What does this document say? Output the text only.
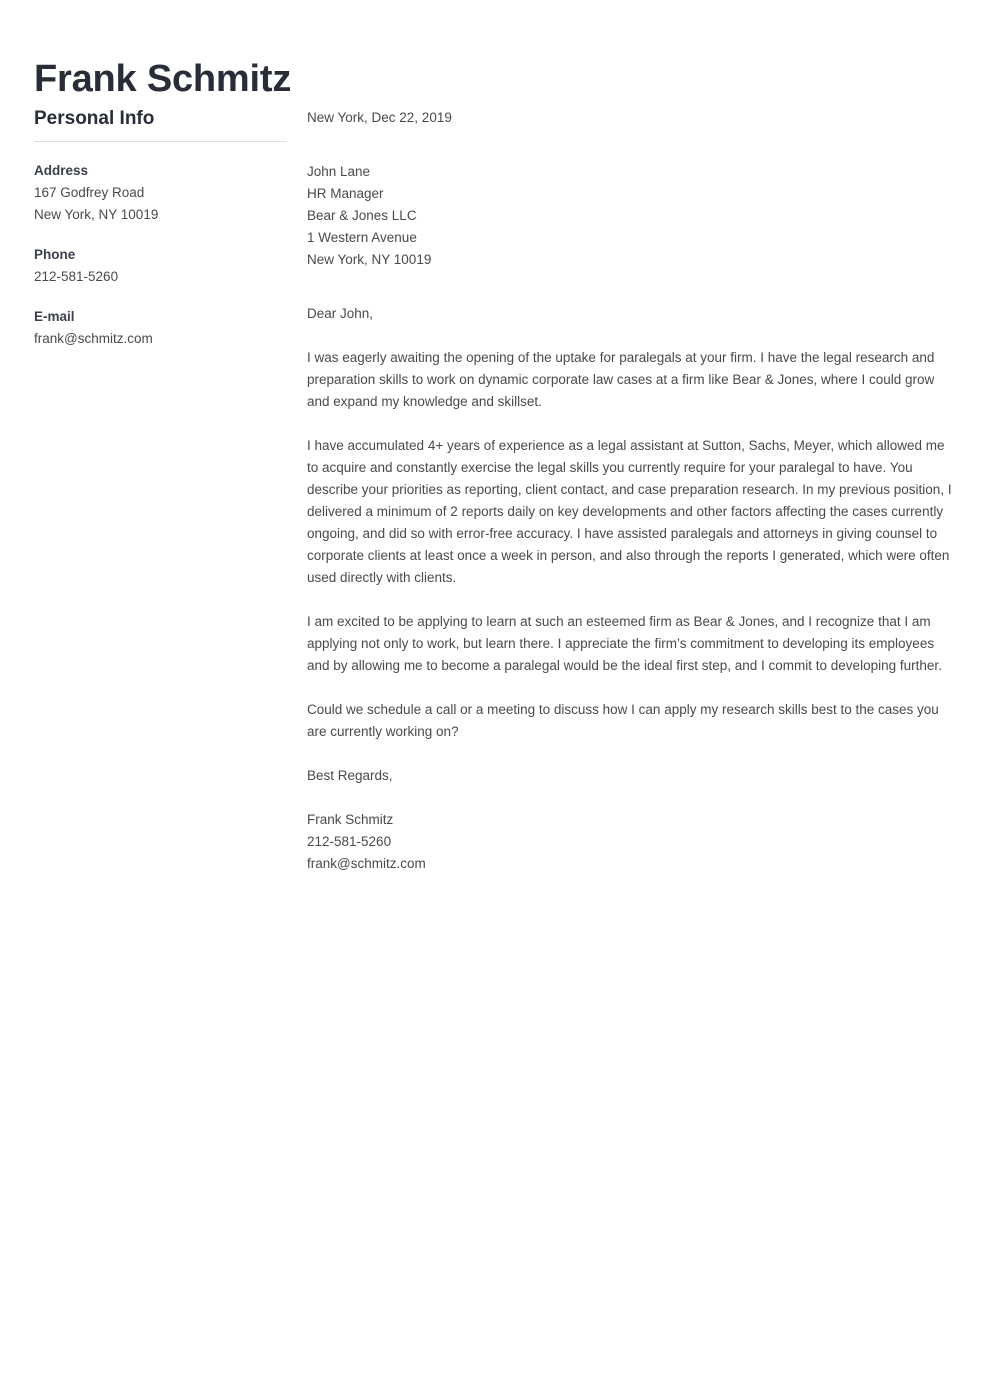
Frank Schmitz
Personal Info
Address
167 Godfrey Road
New York, NY 10019
Phone
212-581-5260
E-mail
frank@schmitz.com

New York, Dec 22, 2019

John Lane
HR Manager
Bear & Jones LLC
1 Western Avenue
New York, NY 10019

Dear John,

I was eagerly awaiting the opening of the uptake for paralegals at your firm. I have the legal research and preparation skills to work on dynamic corporate law cases at a firm like Bear & Jones, where I could grow and expand my knowledge and skillset.

I have accumulated 4+ years of experience as a legal assistant at Sutton, Sachs, Meyer, which allowed me to acquire and constantly exercise the legal skills you currently require for your paralegal to have. You describe your priorities as reporting, client contact, and case preparation research. In my previous position, I delivered a minimum of 2 reports daily on key developments and other factors affecting the cases currently ongoing, and did so with error-free accuracy. I have assisted paralegals and attorneys in giving counsel to corporate clients at least once a week in person, and also through the reports I generated, which were often used directly with clients.

I am excited to be applying to learn at such an esteemed firm as Bear & Jones, and I recognize that I am applying not only to work, but learn there. I appreciate the firm’s commitment to developing its employees and by allowing me to become a paralegal would be the ideal first step, and I commit to developing further.

Could we schedule a call or a meeting to discuss how I can apply my research skills best to the cases you are currently working on?

Best Regards,

Frank Schmitz
212-581-5260
frank@schmitz.com
